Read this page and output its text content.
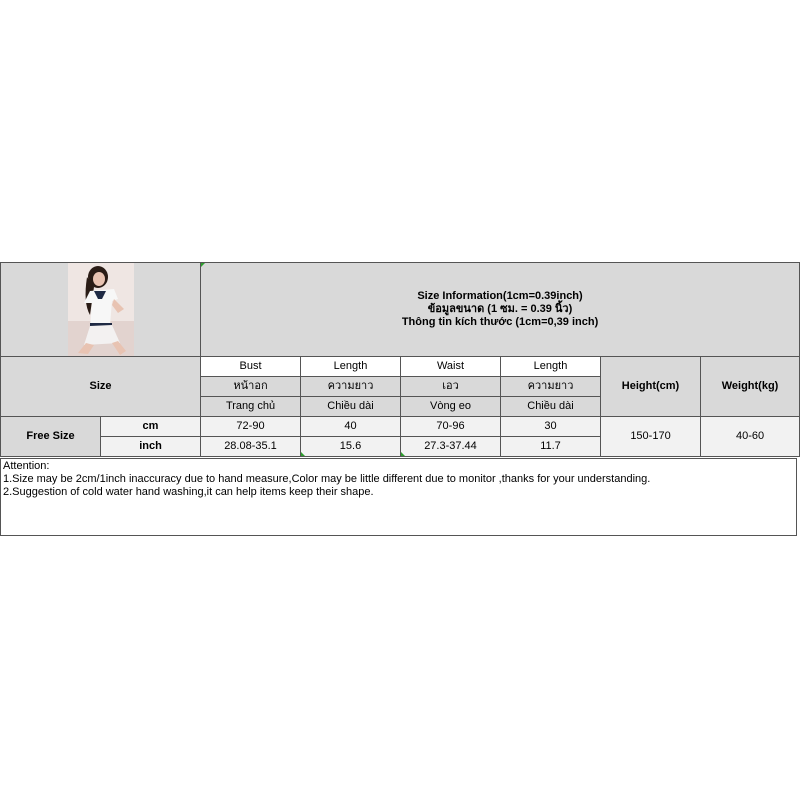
Size Information(1cm=0.39inch)
ข้อมูลขนาด (1 ซม. = 0.39 นิ้ว)
Thông tin kích thước (1cm=0,39 inch)					

Size		Bust	Length	Waist	Length	Height(cm)	Weight(kg)
		หน้าอก	ความยาว	เอว	ความยาว		
		Trang chủ	Chiều dài	Vòng eo	Chiều dài		
Free Size	cm	72-90	40	70-96	30	150-170	40-60
	inch	28.08-35.1	15.6	27.3-37.44	11.7		
Attention:
1.Size may be 2cm/1inch inaccuracy due to hand measure,Color may be little different due to monitor ,thanks for your understanding.
2.Suggestion of cold water hand washing,it can help items keep their shape.
